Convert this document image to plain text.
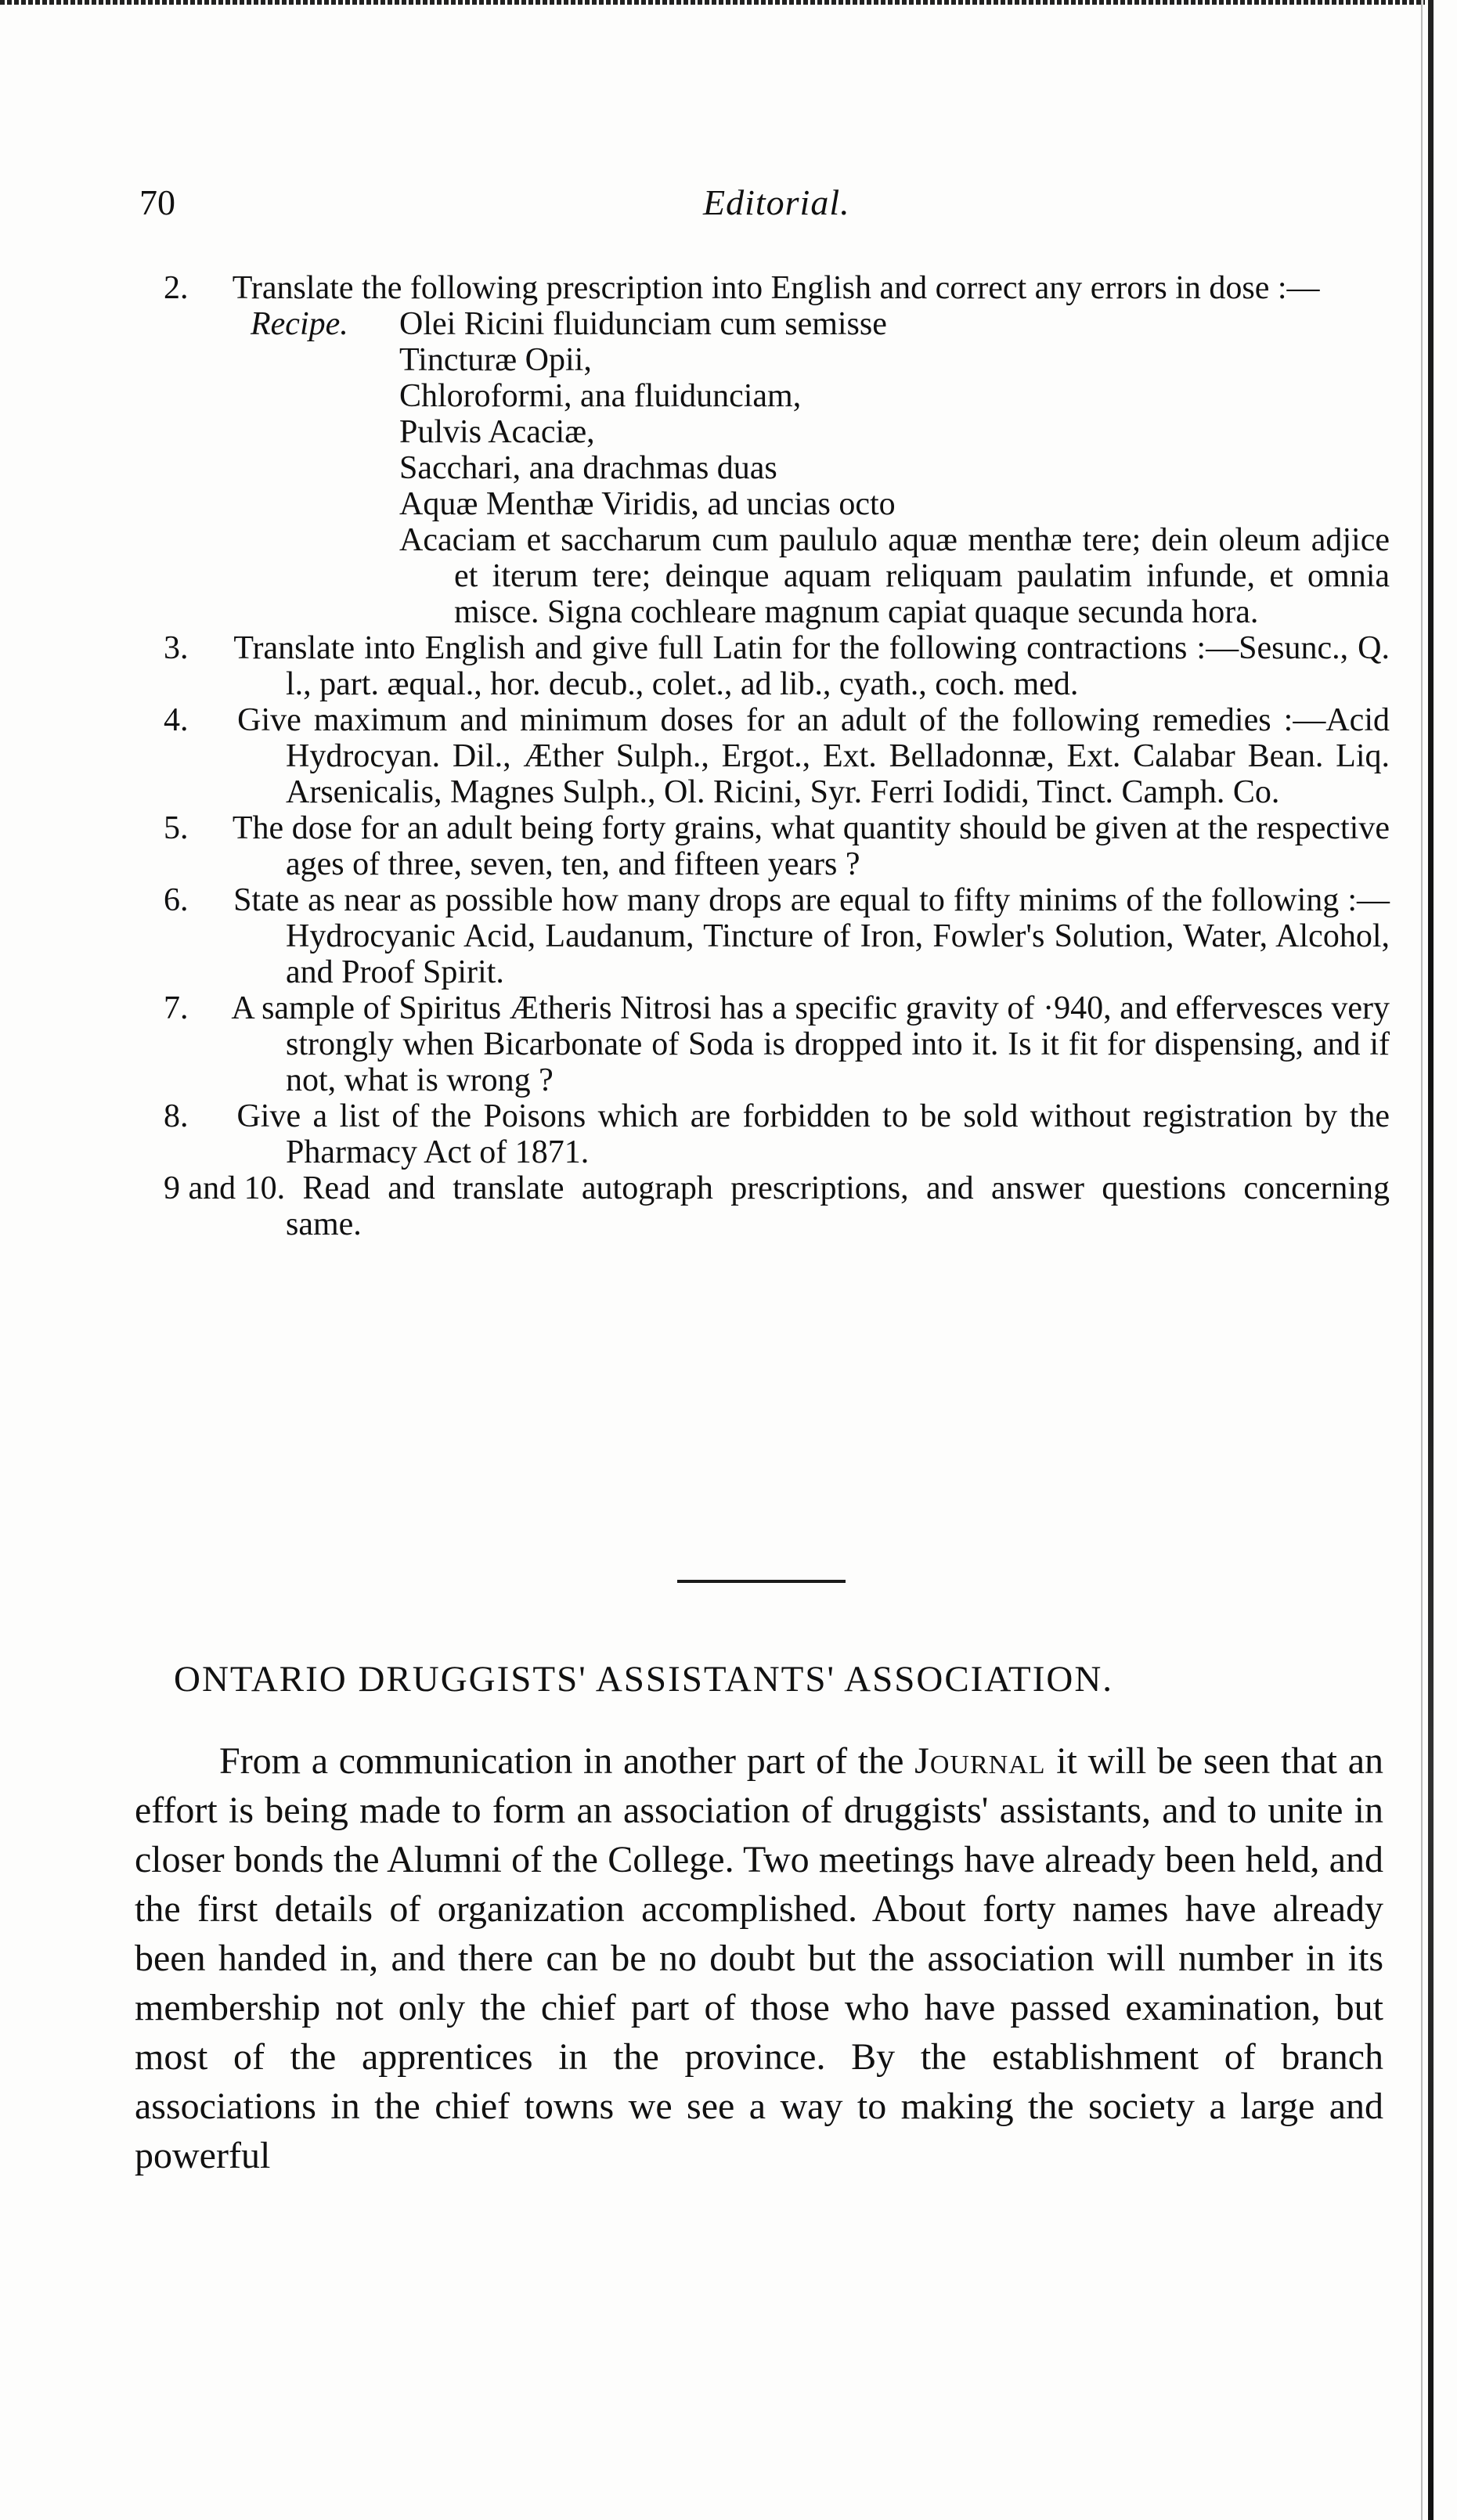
70	Editorial.

2. Translate the following prescription into English and correct any errors in dose :—

Recipe. Olei Ricini fluidunciam cum semisse
Tincturæ Opii,
Chloroformi, ana fluidunciam,
Pulvis Acaciæ,
Sacchari, ana drachmas duas
Aquæ Menthæ Viridis, ad uncias octo

Acaciam et saccharum cum paululo aquæ menthæ tere; dein oleum adjice et iterum tere; deinque aquam reliquam paulatim infunde, et omnia misce. Signa cochleare magnum capiat quaque secunda hora.

3. Translate into English and give full Latin for the following contractions :—Sesunc., Q. l., part. æqual., hor. decub., colet., ad lib., cyath., coch. med.

4. Give maximum and minimum doses for an adult of the following remedies :—Acid Hydrocyan. Dil., Æther Sulph., Ergot., Ext. Belladonnæ, Ext. Calabar Bean. Liq. Arsenicalis, Magnes Sulph., Ol. Ricini, Syr. Ferri Iodidi, Tinct. Camph. Co.

5. The dose for an adult being forty grains, what quantity should be given at the respective ages of three, seven, ten, and fifteen years ?

6. State as near as possible how many drops are equal to fifty minims of the following :—Hydrocyanic Acid, Laudanum, Tincture of Iron, Fowler's Solution, Water, Alcohol, and Proof Spirit.

7. A sample of Spiritus Ætheris Nitrosi has a specific gravity of ·940, and effervesces very strongly when Bicarbonate of Soda is dropped into it. Is it fit for dispensing, and if not, what is wrong ?

8. Give a list of the Poisons which are forbidden to be sold without registration by the Pharmacy Act of 1871.

9 and 10. Read and translate autograph prescriptions, and answer questions concerning same.

ONTARIO DRUGGISTS' ASSISTANTS' ASSOCIATION.

From a communication in another part of the Journal it will be seen that an effort is being made to form an association of druggists' assistants, and to unite in closer bonds the Alumni of the College. Two meetings have already been held, and the first details of organization accomplished. About forty names have already been handed in, and there can be no doubt but the association will number in its membership not only the chief part of those who have passed examination, but most of the apprentices in the province. By the establishment of branch associations in the chief towns we see a way to making the society a large and powerful
